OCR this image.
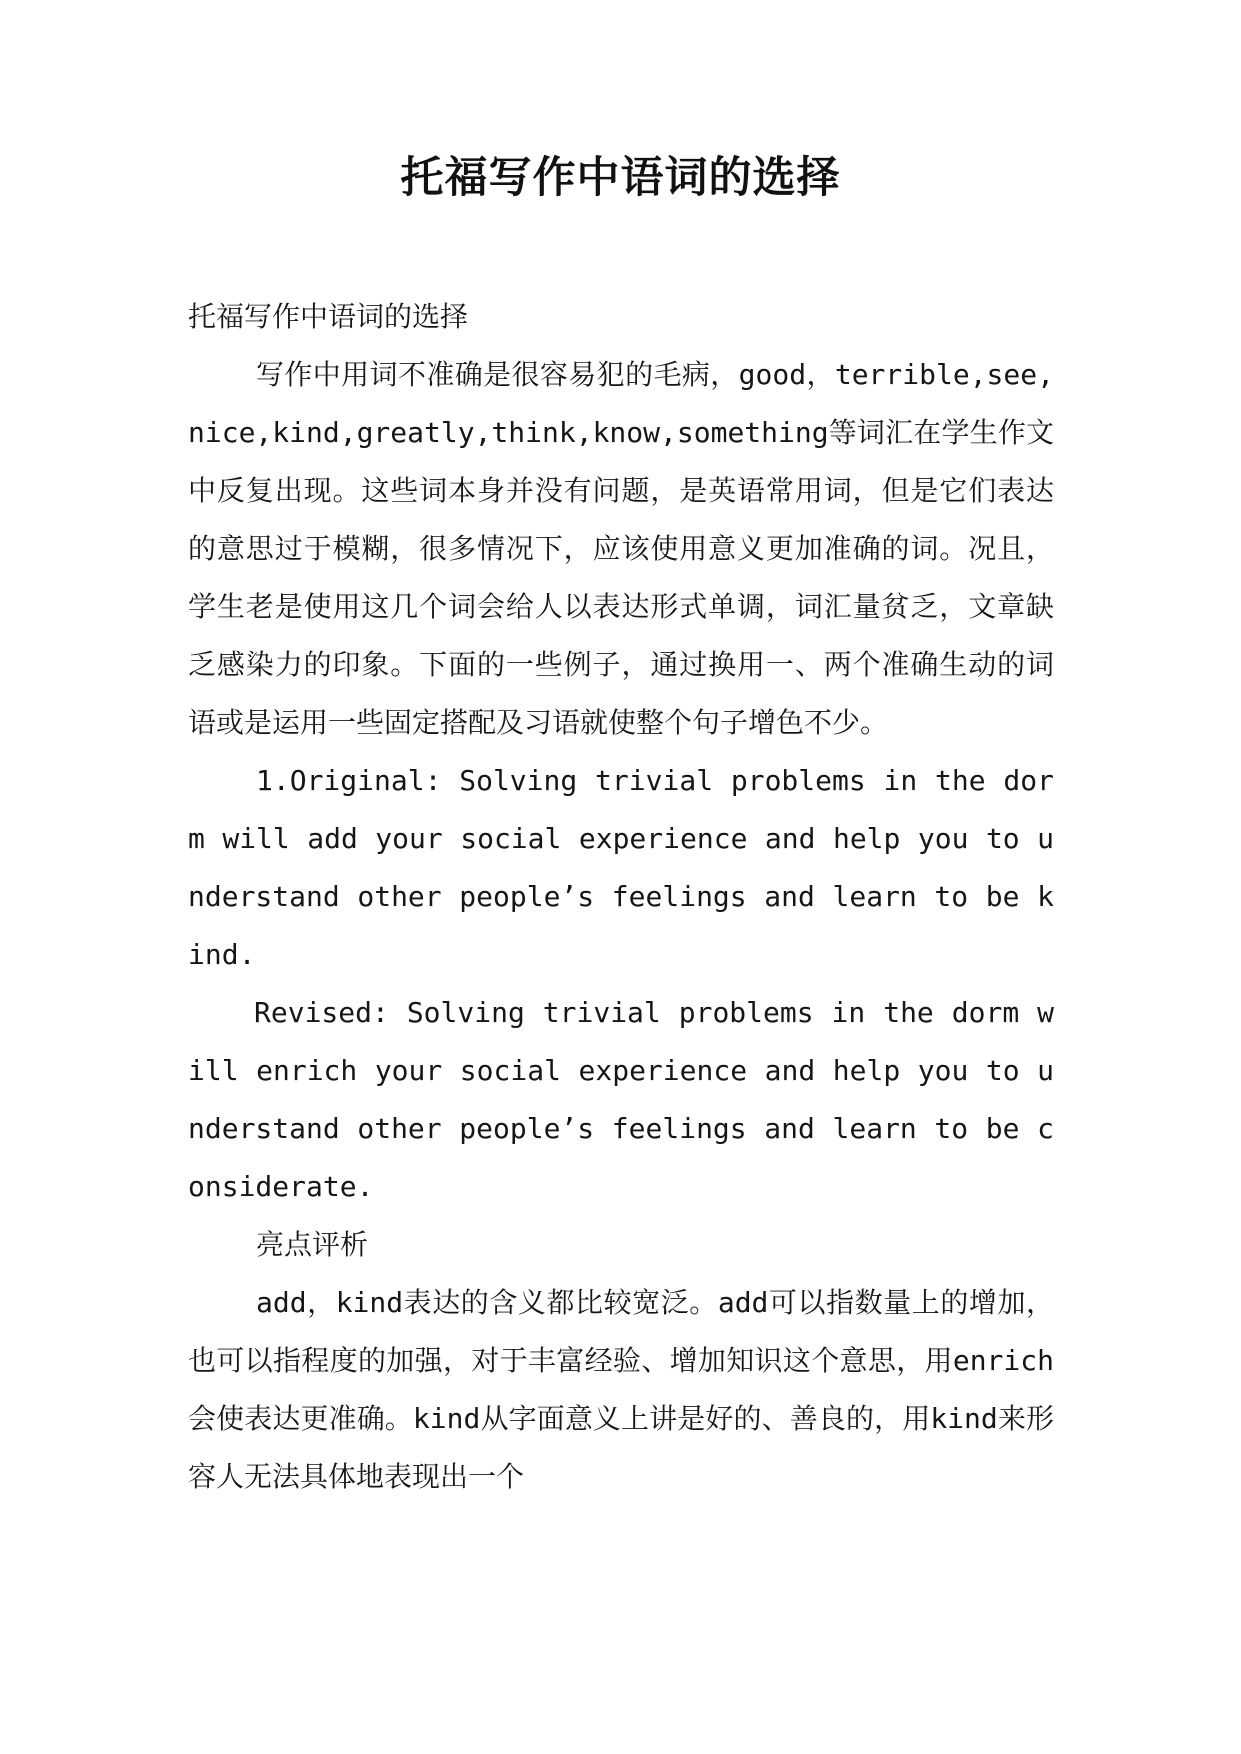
托福写作中语词的选择

托福写作中语词的选择

写作中用词不准确是很容易犯的毛病，good，terrible,see,nice,kind,greatly,think,know,something等词汇在学生作文中反复出现。这些词本身并没有问题，是英语常用词，但是它们表达的意思过于模糊，很多情况下，应该使用意义更加准确的词。况且，学生老是使用这几个词会给人以表达形式单调，词汇量贫乏，文章缺乏感染力的印象。下面的一些例子，通过换用一、两个准确生动的词语或是运用一些固定搭配及习语就使整个句子增色不少。

1.Original: Solving trivial problems in the dorm will add your social experience and help you to understand other people’s feelings and learn to be kind.

Revised: Solving trivial problems in the dorm will enrich your social experience and help you to understand other people’s feelings and learn to be considerate.

亮点评析

add，kind表达的含义都比较宽泛。add可以指数量上的增加，也可以指程度的加强，对于丰富经验、增加知识这个意思，用enrich会使表达更准确。kind从字面意义上讲是好的、善良的，用kind来形容人无法具体地表现出一个
